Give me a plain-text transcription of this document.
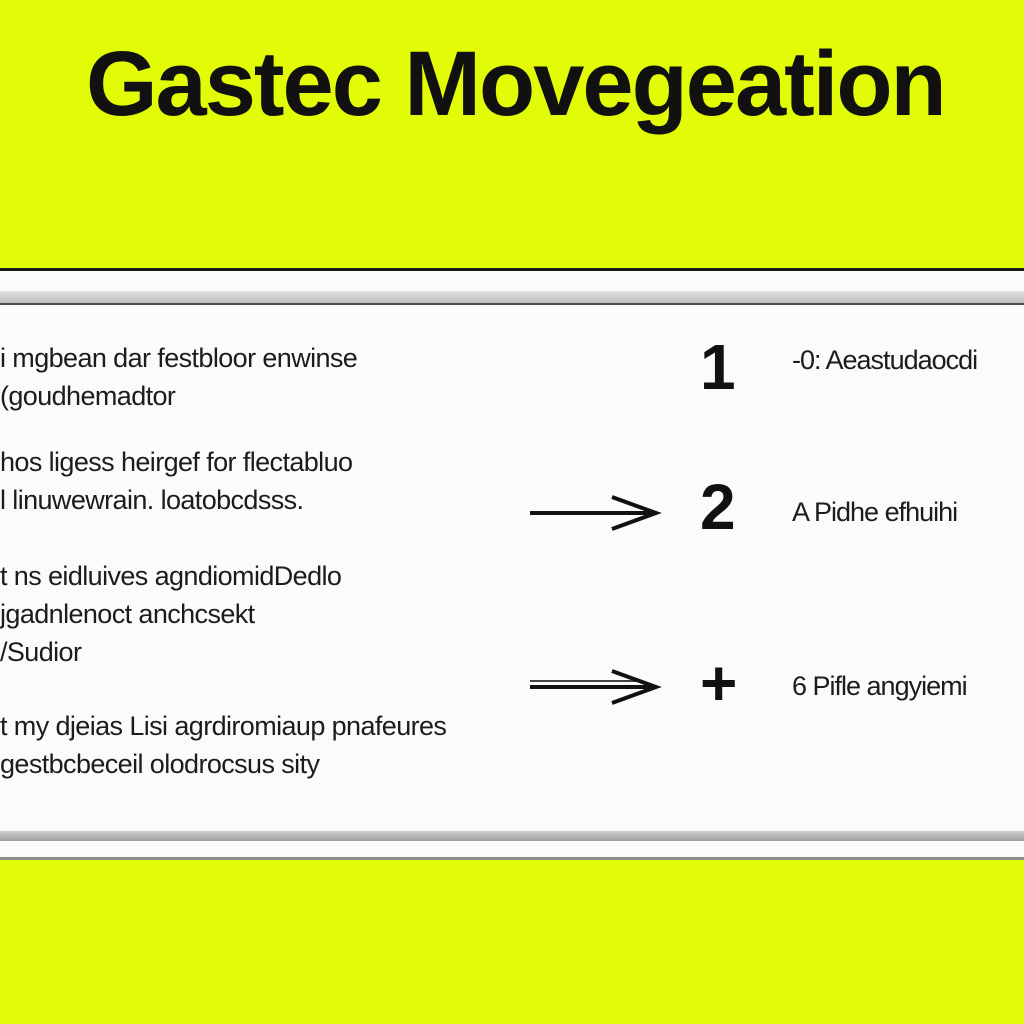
Gastec Movegeation
i mgbean dar festbloor enwinse
(goudhemadtor
hos ligess heirgef for flectabluo
l linuwewrain. loatobcdsss.
t ns eidluives agndiomidDedlo
jgadnlenoct anchcsekt
/Sudior
t my djeias Lisi agrdiromiaup pnafeures
gestbcbeceil olodrocsus sity
1 -0: Aeastudaocdi
2 A Pidhe efhuihi
+ 6 Pifle angyiemi
